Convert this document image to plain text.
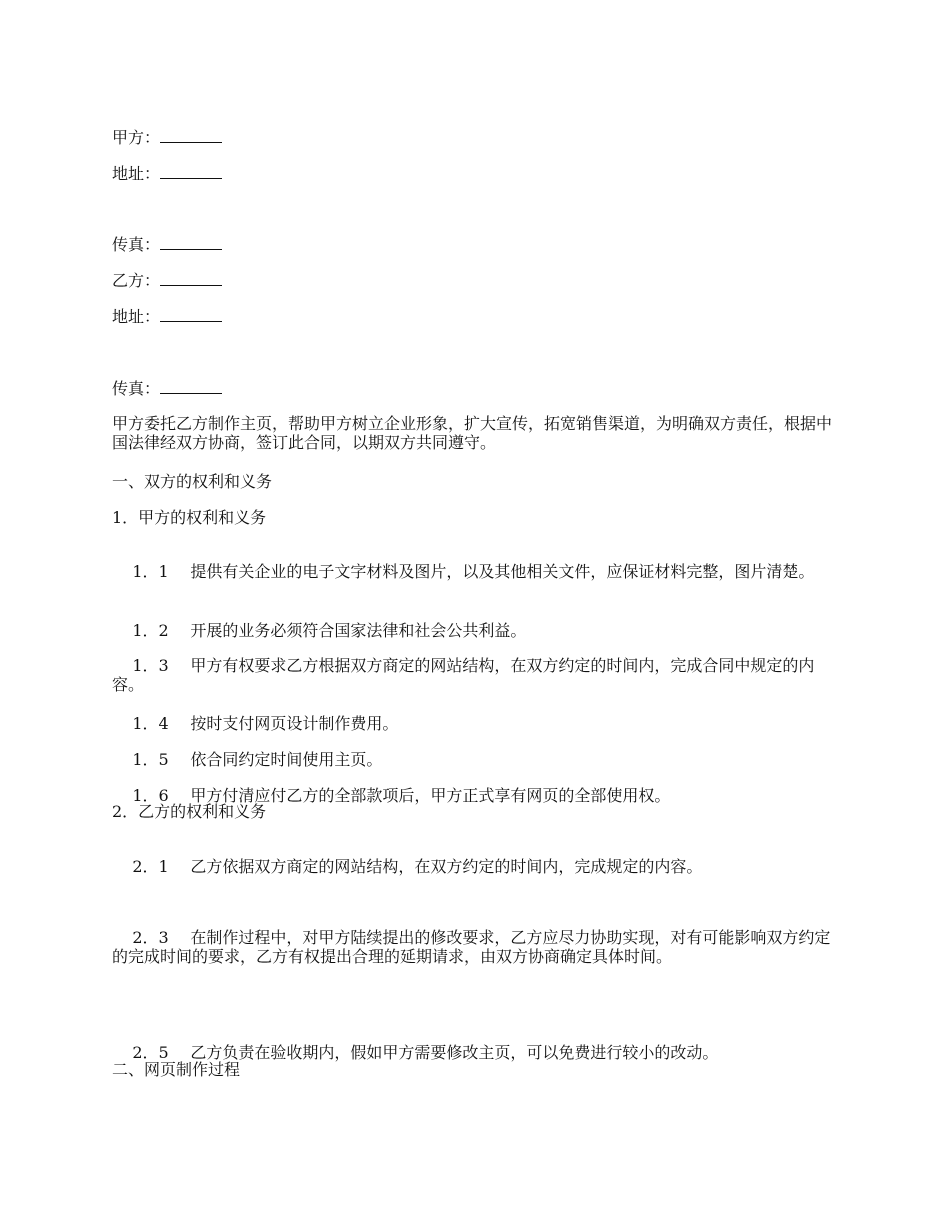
甲方：
地址：
传真：
乙方：
地址：
传真：
甲方委托乙方制作主页，帮助甲方树立企业形象，扩大宣传，拓宽销售渠道，为明确双方责任，根据中国法律经双方协商，签订此合同，以期双方共同遵守。
一、双方的权利和义务
1．甲方的权利和义务

1．1 提供有关企业的电子文字材料及图片，以及其他相关文件，应保证材料完整，图片清楚。

1．2 开展的业务必须符合国家法律和社会公共利益。

1．3 甲方有权要求乙方根据双方商定的网站结构，在双方约定的时间内，完成合同中规定的内容。

1．4 按时支付网页设计制作费用。

1．5 依合同约定时间使用主页。

1．6 甲方付清应付乙方的全部款项后，甲方正式享有网页的全部使用权。

2．乙方的权利和义务

2．1 乙方依据双方商定的网站结构，在双方约定的时间内，完成规定的内容。

2．3 在制作过程中，对甲方陆续提出的修改要求，乙方应尽力协助实现，对有可能影响双方约定的完成时间的要求，乙方有权提出合理的延期请求，由双方协商确定具体时间。

2．5 乙方负责在验收期内，假如甲方需要修改主页，可以免费进行较小的改动。

二、网页制作过程
